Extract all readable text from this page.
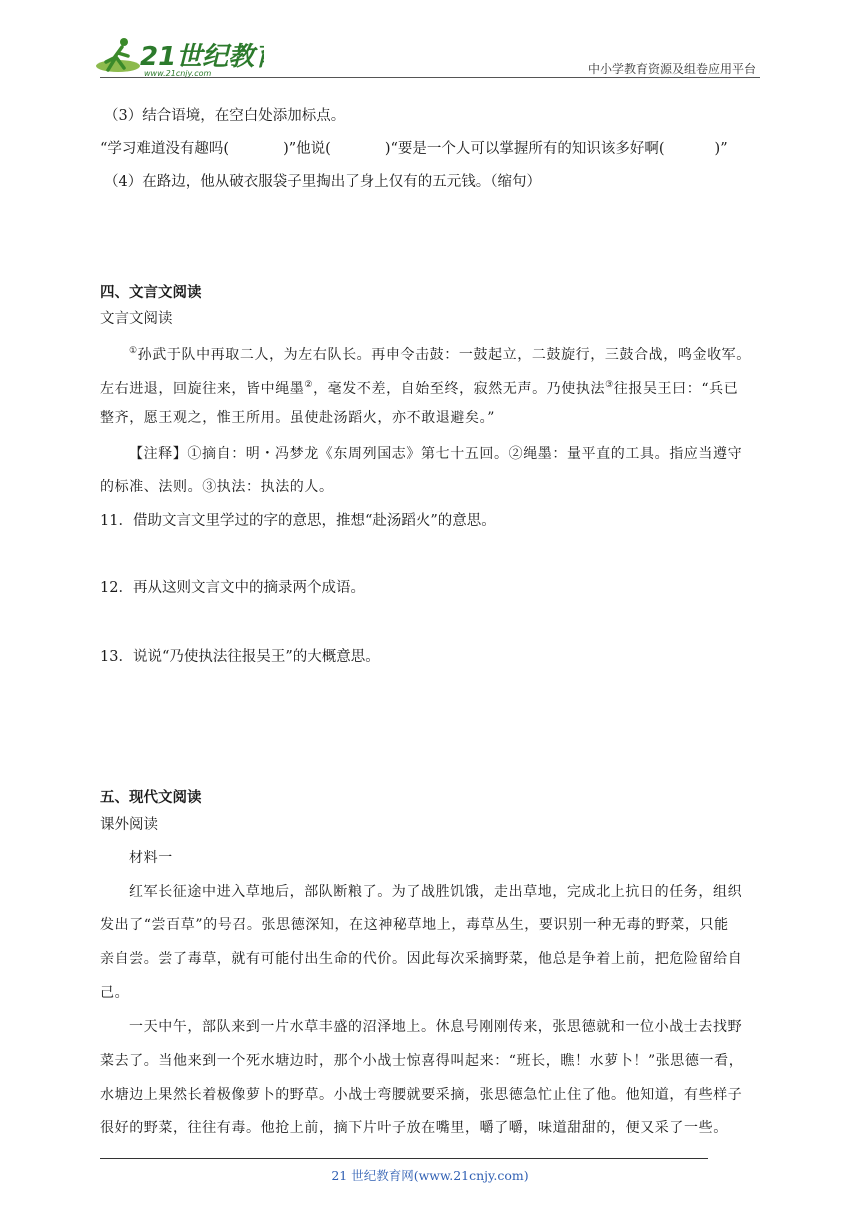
21世纪教
www.21cnjy.com	中小学教育资源及组卷应用平台
（3）结合语境，在空白处添加标点。
“学习难道没有趣吗(	)”他说(	)“要是一个人可以掌握所有的知识该多好啊(	)”
（4）在路边，他从破衣服袋子里掏出了身上仅有的五元钱。（缩句）
四、文言文阅读
文言文阅读
①孙武于队中再取二人，为左右队长。再申令击鼓：一鼓起立，二鼓旋行，三鼓合战，鸣金收军。
左右进退，回旋往来，皆中绳墨②，毫发不差，自始至终，寂然无声。乃使执法③往报吴王曰：“兵已
整齐，愿王观之，惟王所用。虽使赴汤蹈火，亦不敢退避矣。”
【注释】①摘自：明・冯梦龙《东周列国志》第七十五回。②绳墨：量平直的工具。指应当遵守
的标准、法则。③执法：执法的人。
11．借助文言文里学过的字的意思，推想“赴汤蹈火”的意思。
12．再从这则文言文中的摘录两个成语。
13．说说“乃使执法往报吴王”的大概意思。
五、现代文阅读
课外阅读
材料一
红军长征途中进入草地后，部队断粮了。为了战胜饥饿，走出草地，完成北上抗日的任务，组织
发出了“尝百草”的号召。张思德深知，在这神秘草地上，毒草丛生，要识别一种无毒的野菜，只能
亲自尝。尝了毒草，就有可能付出生命的代价。因此每次采摘野菜，他总是争着上前，把危险留给自
己。
一天中午，部队来到一片水草丰盛的沼泽地上。休息号刚刚传来，张思德就和一位小战士去找野
菜去了。当他来到一个死水塘边时，那个小战士惊喜得叫起来：“班长，瞧！水萝卜！”张思德一看，
水塘边上果然长着极像萝卜的野草。小战士弯腰就要采摘，张思德急忙止住了他。他知道，有些样子
很好的野菜，往往有毒。他抢上前，摘下片叶子放在嘴里，嚼了嚼，味道甜甜的，便又采了一些。
21 世纪教育网(www.21cnjy.com)
